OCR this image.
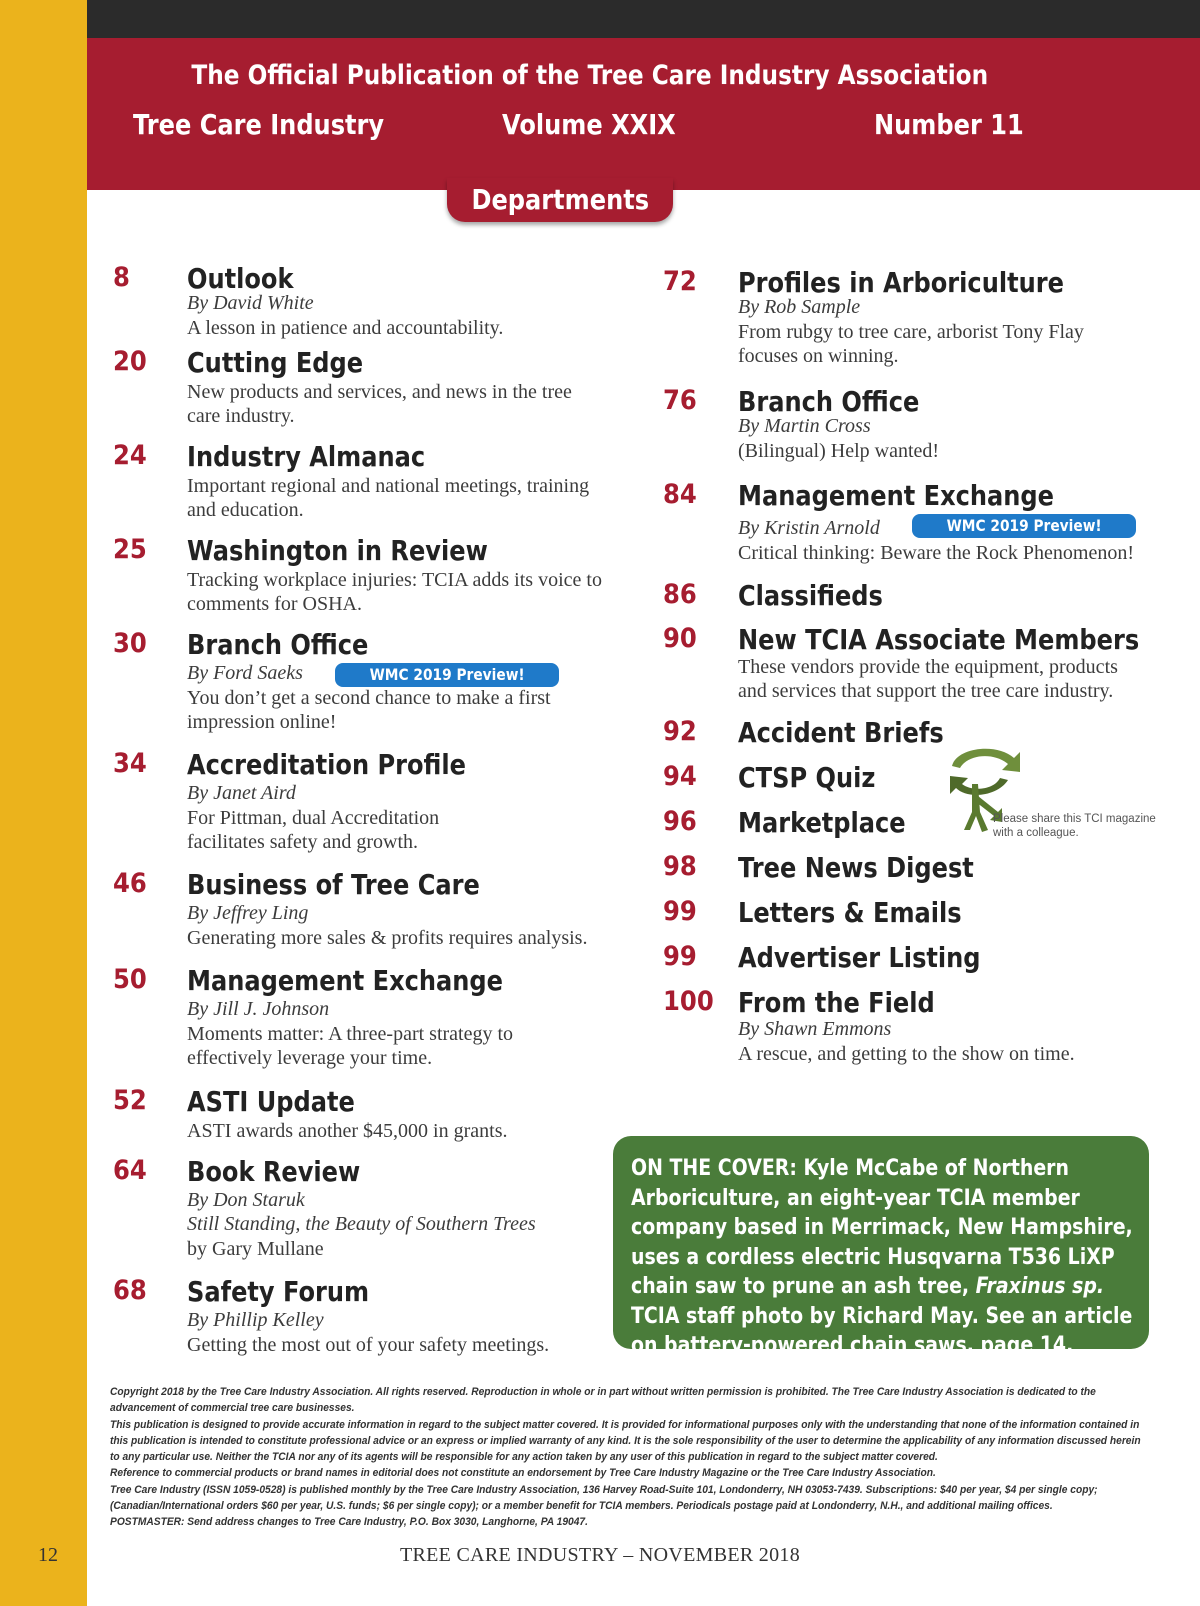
The Official Publication of the Tree Care Industry Association
Tree Care Industry	Volume XXIX	Number 11
Departments
8 Outlook
By David White
A lesson in patience and accountability.
20 Cutting Edge
New products and services, and news in the tree care industry.
24 Industry Almanac
Important regional and national meetings, training and education.
25 Washington in Review
Tracking workplace injuries: TCIA adds its voice to comments for OSHA.
30 Branch Office
By Ford Saeks	WMC 2019 Preview!
You don’t get a second chance to make a first impression online!
34 Accreditation Profile
By Janet Aird
For Pittman, dual Accreditation facilitates safety and growth.
46 Business of Tree Care
By Jeffrey Ling
Generating more sales & profits requires analysis.
50 Management Exchange
By Jill J. Johnson
Moments matter: A three-part strategy to effectively leverage your time.
52 ASTI Update
ASTI awards another $45,000 in grants.
64 Book Review
By Don Staruk
Still Standing, the Beauty of Southern Trees
by Gary Mullane
68 Safety Forum
By Phillip Kelley
Getting the most out of your safety meetings.
72 Profiles in Arboriculture
By Rob Sample
From rubgy to tree care, arborist Tony Flay focuses on winning.
76 Branch Office
By Martin Cross
(Bilingual) Help wanted!
84 Management Exchange
By Kristin Arnold	WMC 2019 Preview!
Critical thinking: Beware the Rock Phenomenon!
86 Classifieds
90 New TCIA Associate Members
These vendors provide the equipment, products and services that support the tree care industry.
92 Accident Briefs
94 CTSP Quiz
96 Marketplace
98 Tree News Digest
99 Letters & Emails
99 Advertiser Listing
100 From the Field
By Shawn Emmons
A rescue, and getting to the show on time.
Please share this TCI magazine with a colleague.
ON THE COVER: Kyle McCabe of Northern Arboriculture, an eight-year TCIA member company based in Merrimack, New Hampshire, uses a cordless electric Husqvarna T536 LiXP chain saw to prune an ash tree, Fraxinus sp. TCIA staff photo by Richard May. See an article on battery-powered chain saws, page 14.

Copyright 2018 by the Tree Care Industry Association. All rights reserved. Reproduction in whole or in part without written permission is prohibited. The Tree Care Industry Association is dedicated to the advancement of commercial tree care businesses.

This publication is designed to provide accurate information in regard to the subject matter covered. It is provided for informational purposes only with the understanding that none of the information contained in this publication is intended to constitute professional advice or an express or implied warranty of any kind. It is the sole responsibility of the user to determine the applicability of any information discussed herein to any particular use. Neither the TCIA nor any of its agents will be responsible for any action taken by any user of this publication in regard to the subject matter covered.

Reference to commercial products or brand names in editorial does not constitute an endorsement by Tree Care Industry Magazine or the Tree Care Industry Association.

Tree Care Industry (ISSN 1059-0528) is published monthly by the Tree Care Industry Association, 136 Harvey Road-Suite 101, Londonderry, NH 03053-7439. Subscriptions: $40 per year, $4 per single copy; (Canadian/International orders $60 per year, U.S. funds; $6 per single copy); or a member benefit for TCIA members. Periodicals postage paid at Londonderry, N.H., and additional mailing offices.

POSTMASTER: Send address changes to Tree Care Industry, P.O. Box 3030, Langhorne, PA 19047.

12	TREE CARE INDUSTRY – NOVEMBER 2018
